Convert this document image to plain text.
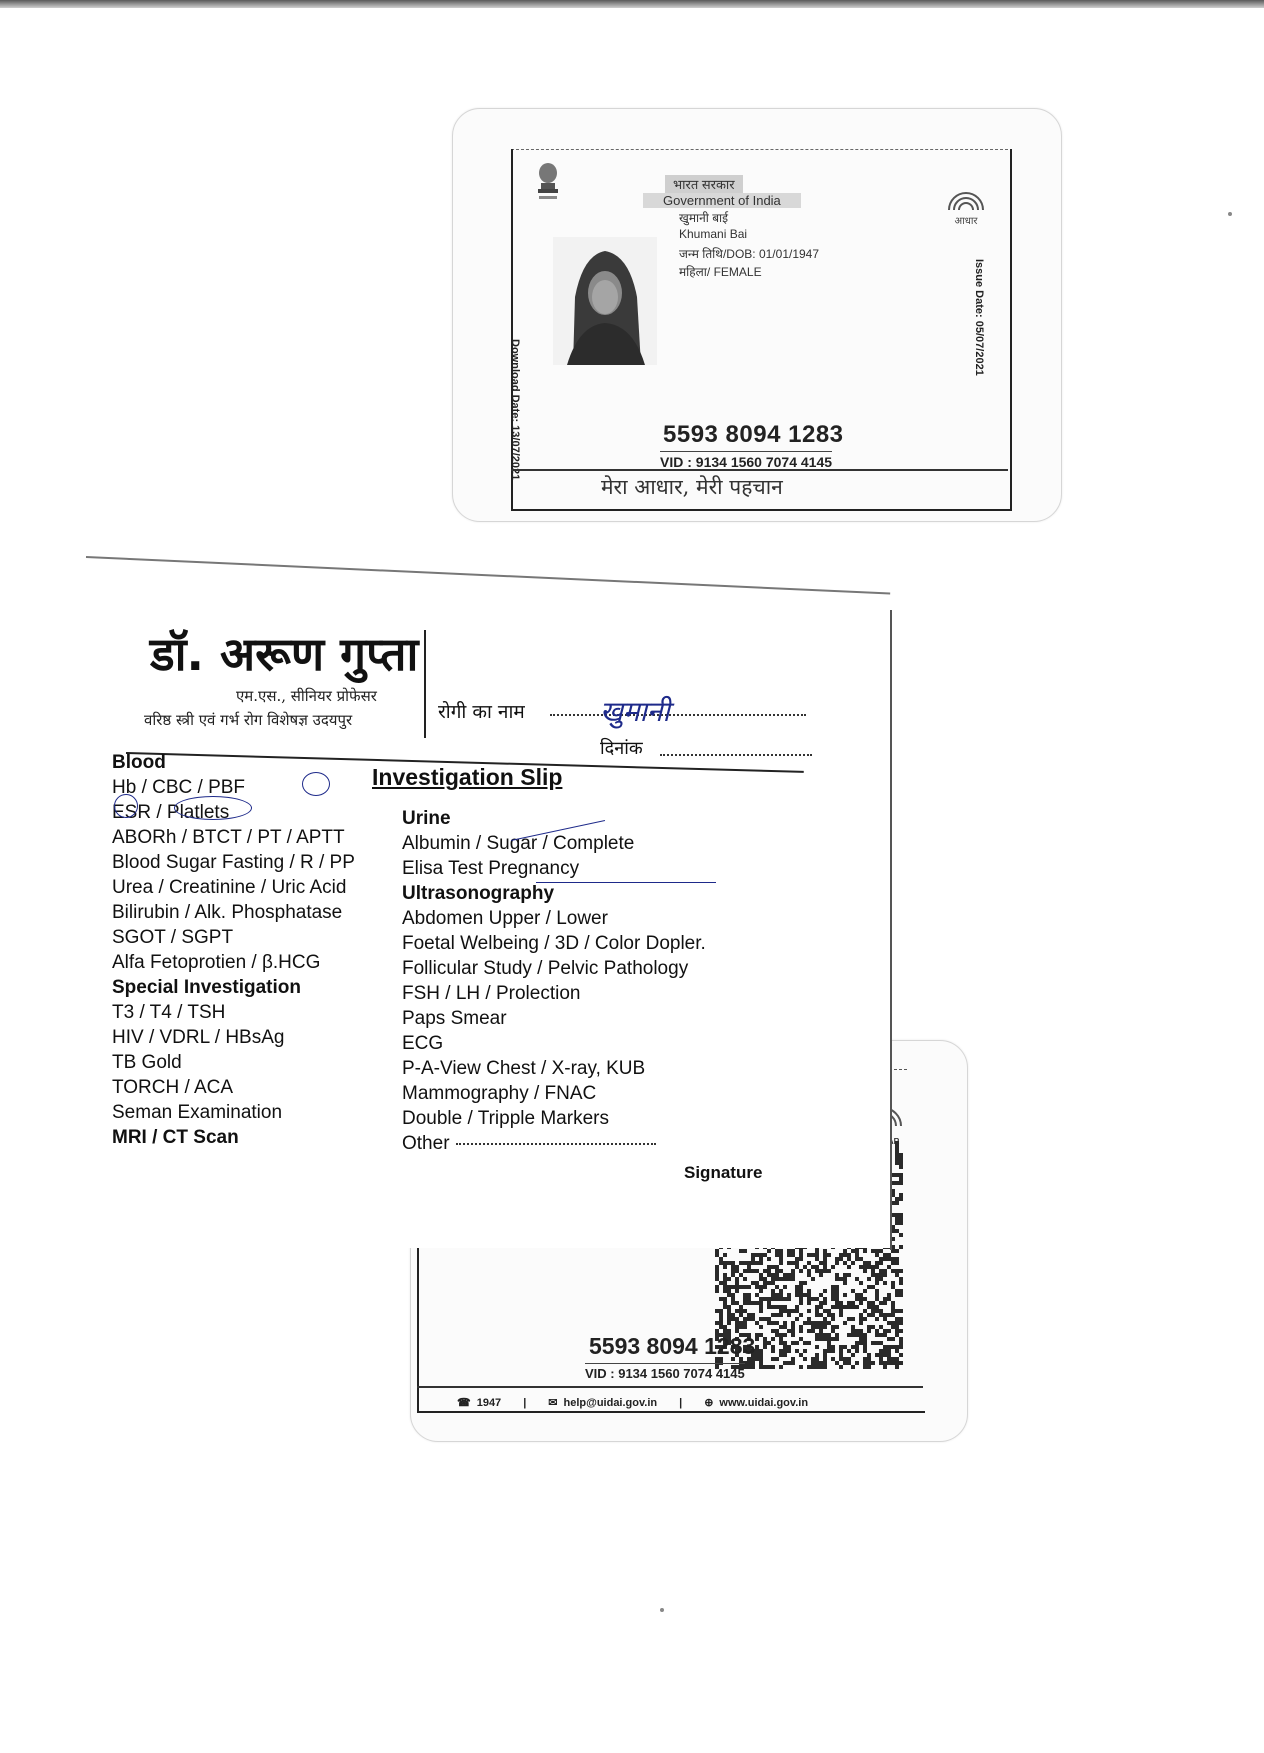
भारत सरकार
Government of India
आधार
खुमानी बाई
Khumani Bai
जन्म तिथि/DOB: 01/01/1947
महिला/ FEMALE
Download Date: 13/07/2021
Issue Date: 05/07/2021
5593 8094 1283
VID : 9134 1560 7074 4145
मेरा आधार, मेरी पहचान
5593 8094 1283
VID : 9134 1560 7074 4145
☎ 1947 | ✉ help@uidai.gov.in | ⊕ www.uidai.gov.in
डॉ. अरूण गुप्ता
एम.एस., सीनियर प्रोफेसर
वरिष्ठ स्त्री एवं गर्भ रोग विशेषज्ञ उदयपुर	रोगी का नाम	खुमानी
दिनांक
Investigation Slip
Blood
Hb / CBC / PBF
ESR / Platlets
ABORh / BTCT / PT / APTT
Blood Sugar Fasting / R / PP
Urea / Creatinine / Uric Acid
Bilirubin / Alk. Phosphatase
SGOT / SGPT
Alfa Fetoprotien / β.HCG
Special Investigation
T3 / T4 / TSH
HIV / VDRL / HBsAg
TB Gold
TORCH / ACA
Seman Examination
MRI / CT Scan
Urine
Albumin / Sugar / Complete
Elisa Test Pregnancy
Ultrasonography
Abdomen Upper / Lower
Foetal Welbeing / 3D / Color Dopler.
Follicular Study / Pelvic Pathology
FSH / LH / Prolection
Paps Smear
ECG
P-A-View Chest / X-ray, KUB
Mammography / FNAC
Double / Tripple Markers
Other
Signature
